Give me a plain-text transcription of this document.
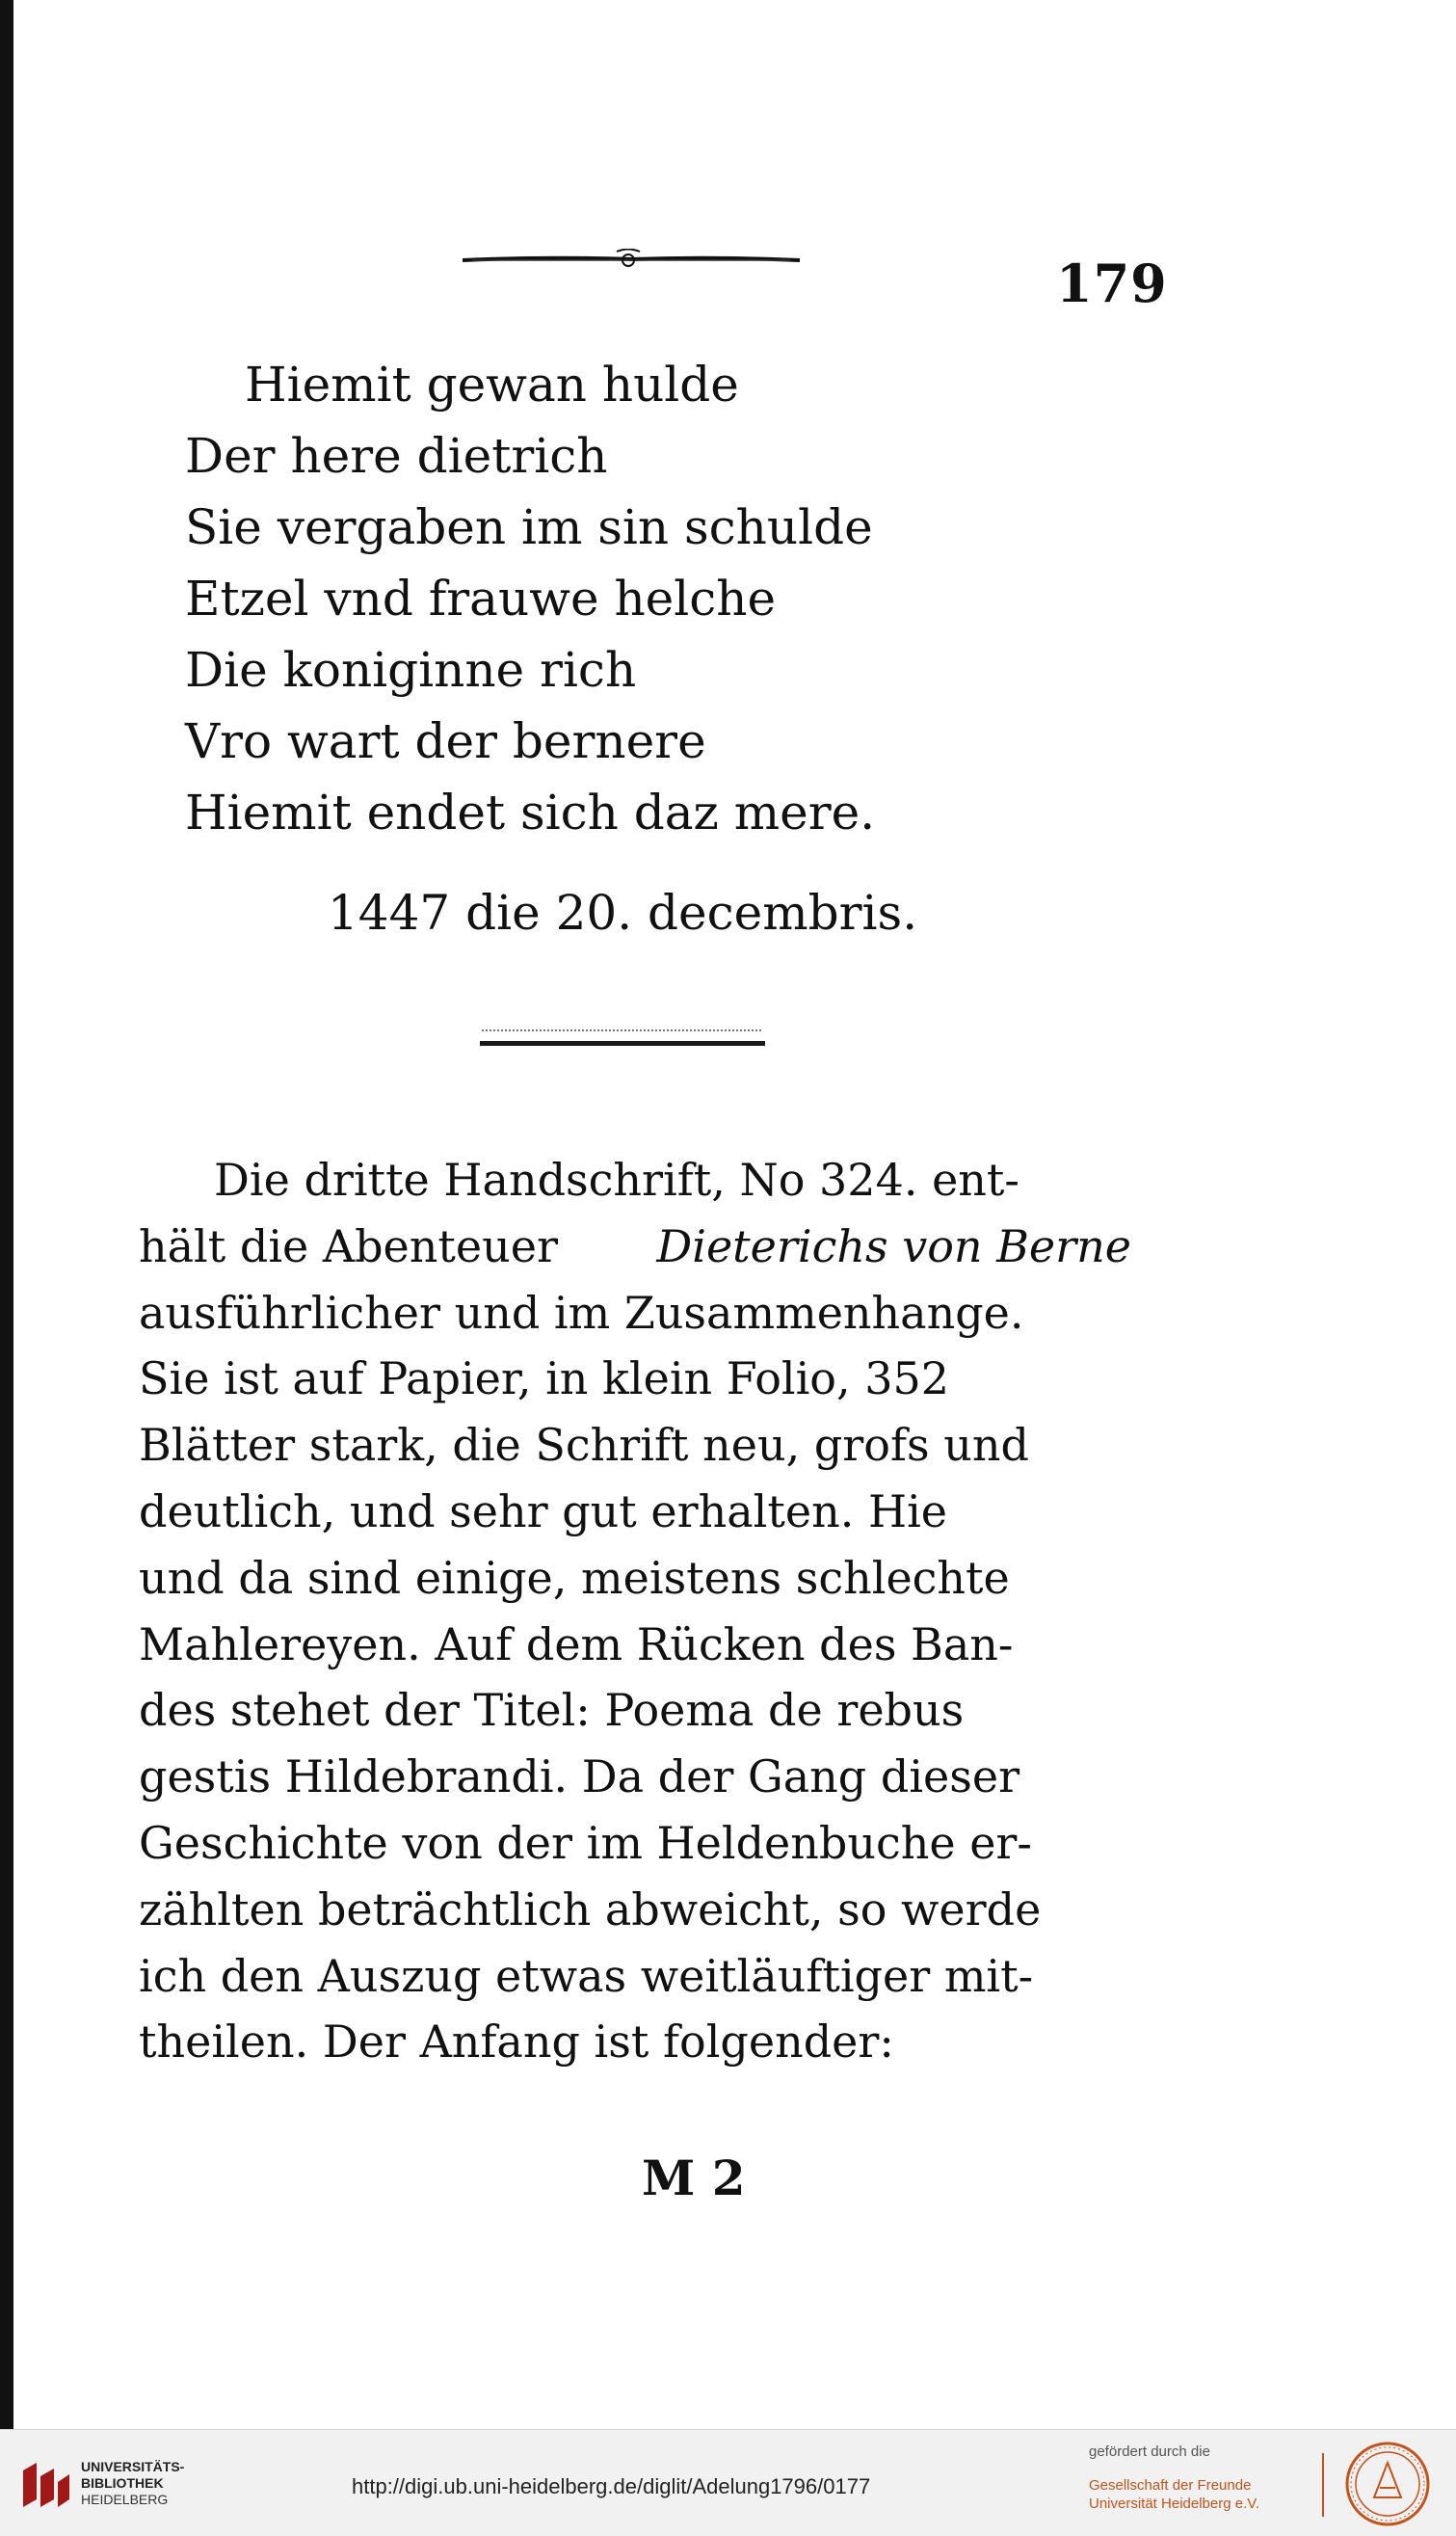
179
Hiemit gewan hulde
Der here dietrich
Sie vergaben im sin schulde
Etzel vnd frauwe helche
Die koniginne rich
Vro wart der bernere
Hiemit endet sich daz mere.
1447 die 20. decembris.
Die dritte Handschrift, No 324. ent-
hält die Abenteuer Dieterichs von Berne
ausführlicher und im Zusammenhange.
Sie ist auf Papier, in klein Folio, 352
Blätter stark, die Schrift neu, grofs und
deutlich, und sehr gut erhalten. Hie
und da sind einige, meistens schlechte
Mahlereyen. Auf dem Rücken des Ban-
des stehet der Titel: Poema de rebus
gestis Hildebrandi. Da der Gang dieser
Geschichte von der im Heldenbuche er-
zählten beträchtlich abweicht, so werde
ich den Auszug etwas weitläuftiger mit-
theilen. Der Anfang ist folgender:
M 2
UNIVERSITÄTS-
BIBLIOTHEK
HEIDELBERG
http://digi.ub.uni-heidelberg.de/diglit/Adelung1796/0177
gefördert durch die
Gesellschaft der Freunde
Universität Heidelberg e.V.
